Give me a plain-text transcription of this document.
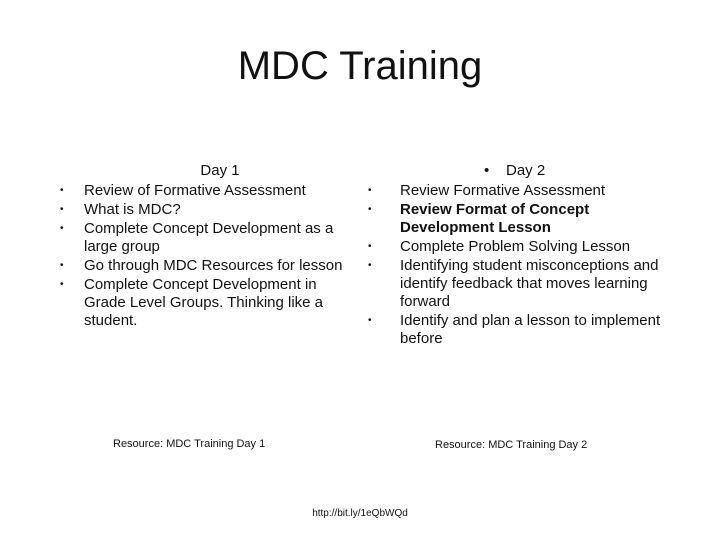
MDC Training
Day 1
• Review of Formative Assessment
• What is MDC?
• Complete Concept Development as a large group
• Go through MDC Resources for lesson
• Complete Concept Development in Grade Level Groups. Thinking like a student.
• Day 2
• Review Formative Assessment
• Review Format of Concept Development Lesson
• Complete Problem Solving Lesson
• Identifying student misconceptions and identify feedback that moves learning forward
• Identify and plan a lesson to implement before
Resource: MDC Training Day 1	Resource: MDC Training Day 2
http://bit.ly/1eQbWQd
